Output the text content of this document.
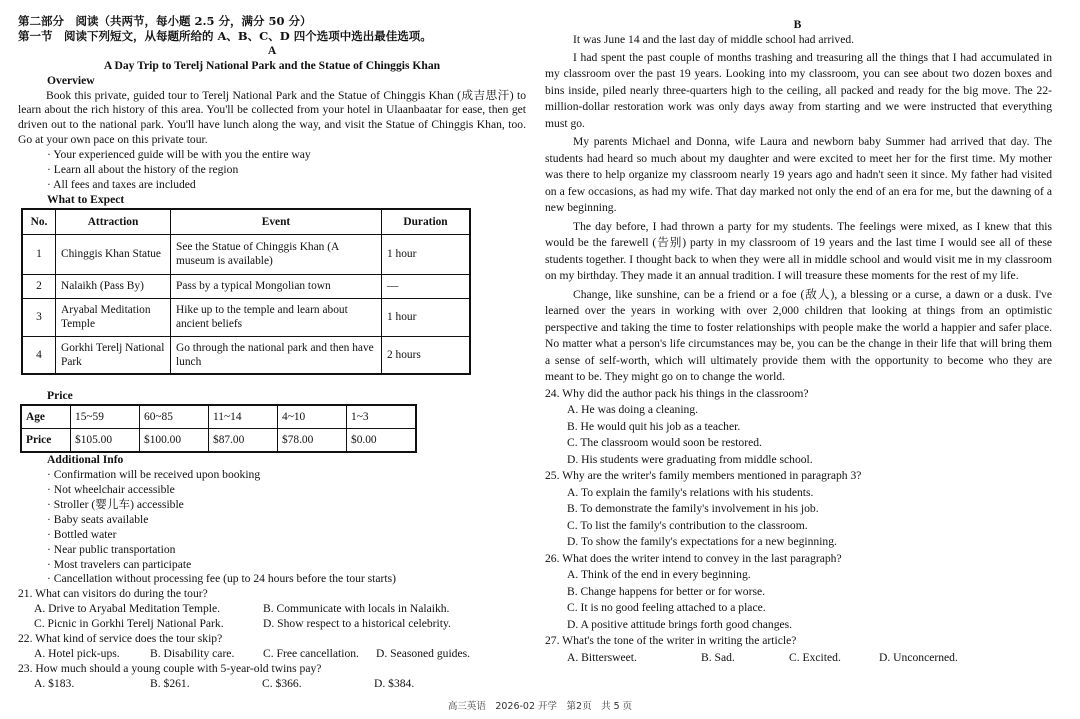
第二部分　阅读（共两节，每小题 2.5 分，满分 50 分）

第一节　阅读下列短文，从每题所给的 A、B、C、D 四个选项中选出最佳选项。

A

A Day Trip to Terelj National Park and the Statue of Chinggis Khan

Overview

Book this private, guided tour to Terelj National Park and the Statue of Chinggis Khan (成吉思汗) to learn about the rich history of this area. You'll be collected from your hotel in Ulaanbaatar for ease, then get driven out to the national park. You'll have lunch along the way, and visit the Statue of Chinggis Khan, too. Go at your own pace on this private tour.

· Your experienced guide will be with you the entire way

· Learn all about the history of the region

· All fees and taxes are included

What to Expect

No.	Attraction	Event	Duration
1	Chinggis Khan Statue	See the Statue of Chinggis Khan (A museum is available)	1 hour
2	Nalaikh (Pass By)	Pass by a typical Mongolian town	—
3	Aryabal Meditation Temple	Hike up to the temple and learn about ancient beliefs	1 hour
4	Gorkhi Terelj National Park	Go through the national park and then have lunch	2 hours

Price

Age	15~59	60~85	11~14	4~10	1~3
Price	$105.00	$100.00	$87.00	$78.00	$0.00

Additional Info

· Confirmation will be received upon booking

· Not wheelchair accessible

· Stroller (婴儿车) accessible

· Baby seats available

· Bottled water

· Near public transportation

· Most travelers can participate

· Cancellation without processing fee (up to 24 hours before the tour starts)

21. What can visitors do during the tour?

A. Drive to Aryabal Meditation Temple.	B. Communicate with locals in Nalaikh.
C. Picnic in Gorkhi Terelj National Park.	D. Show respect to a historical celebrity.

22. What kind of service does the tour skip?

A. Hotel pick-ups.	B. Disability care.	C. Free cancellation.	D. Seasoned guides.

23. How much should a young couple with 5-year-old twins pay?

A. $183.	B. $261.	C. $366.	D. $384.

B

It was June 14 and the last day of middle school had arrived.

I had spent the past couple of months trashing and treasuring all the things that I had accumulated in my classroom over the past 19 years. Looking into my classroom, you can see about two dozen boxes and bins inside, piled nearly three-quarters high to the ceiling, all packed and ready for the big move. The 22-million-dollar restoration work was only days away from starting and we were instructed that everything must go.

My parents Michael and Donna, wife Laura and newborn baby Summer had arrived that day. The students had heard so much about my daughter and were excited to meet her for the first time. My mother was there to help organize my classroom nearly 19 years ago and hadn't seen it since. My father had visited on a few occasions, as had my wife. That day marked not only the end of an era for me, but the dawning of a new beginning.

The day before, I had thrown a party for my students. The feelings were mixed, as I knew that this would be the farewell (告别) party in my classroom of 19 years and the last time I would see all of these students together. I thought back to when they were all in middle school and would visit me in my classroom on my birthday. They made it an annual tradition. I will treasure these moments for the rest of my life.

Change, like sunshine, can be a friend or a foe (敌人), a blessing or a curse, a dawn or a dusk. I've learned over the years in working with over 2,000 children that looking at things from an optimistic perspective and taking the time to foster relationships with people make the world a happier and safer place. No matter what a person's life circumstances may be, you can be the change in their life that will bring them a sense of self-worth, which will ultimately provide them with the opportunity to become who they are meant to be. They might go on to change the world.

24. Why did the author pack his things in the classroom?

A. He was doing a cleaning.

B. He would quit his job as a teacher.

C. The classroom would soon be restored.

D. His students were graduating from middle school.

25. Why are the writer's family members mentioned in paragraph 3?

A. To explain the family's relations with his students.

B. To demonstrate the family's involvement in his job.

C. To list the family's contribution to the classroom.

D. To show the family's expectations for a new beginning.

26. What does the writer intend to convey in the last paragraph?

A. Think of the end in every beginning.

B. Change happens for better or for worse.

C. It is no good feeling attached to a place.

D. A positive attitude brings forth good changes.

27. What's the tone of the writer in writing the article?

A. Bittersweet.	B. Sad.	C. Excited.	D. Unconcerned.
高三英语　2026-02 开学　第2页　共 5 页
